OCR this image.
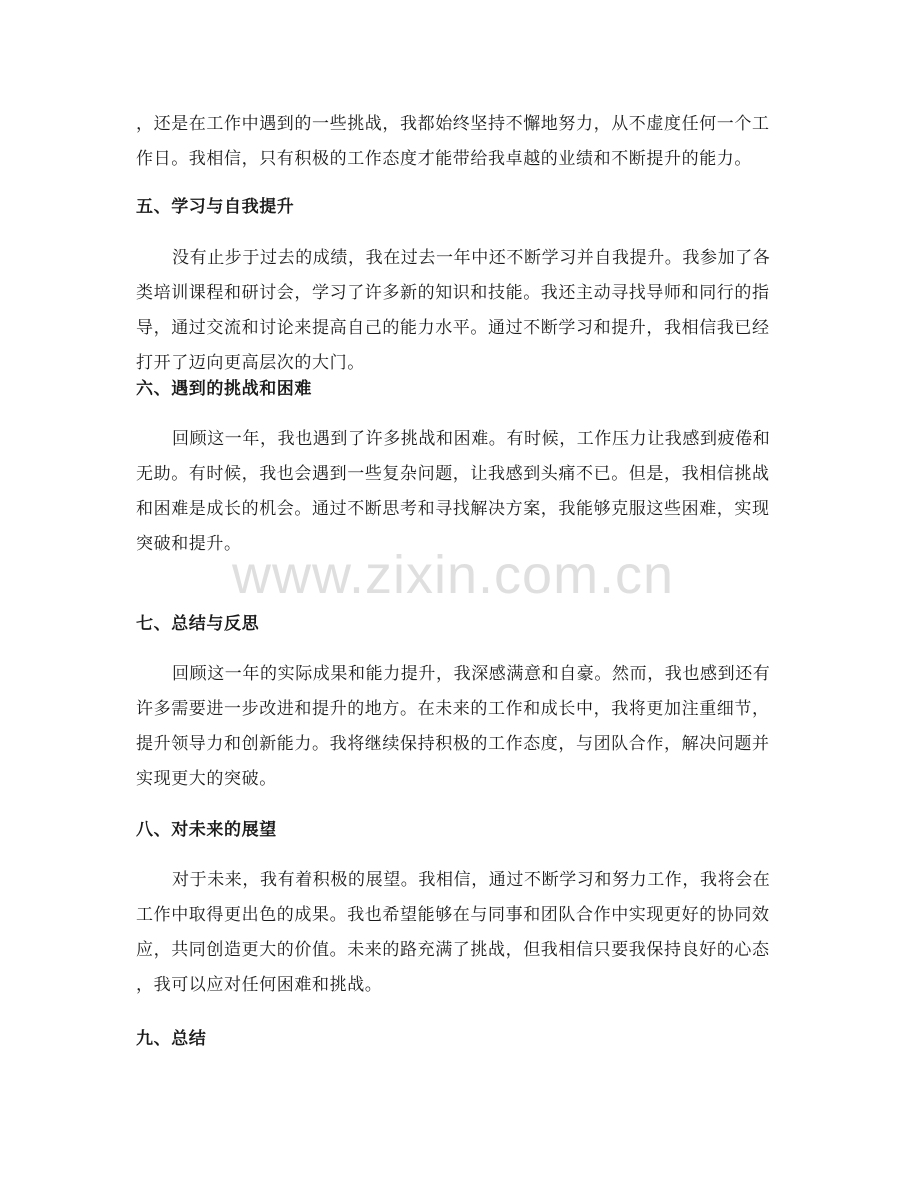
，还是在工作中遇到的一些挑战，我都始终坚持不懈地努力，从不虚度任何一个工
作日。我相信，只有积极的工作态度才能带给我卓越的业绩和不断提升的能力。
五、学习与自我提升
没有止步于过去的成绩，我在过去一年中还不断学习并自我提升。我参加了各
类培训课程和研讨会，学习了许多新的知识和技能。我还主动寻找导师和同行的指
导，通过交流和讨论来提高自己的能力水平。通过不断学习和提升，我相信我已经
打开了迈向更高层次的大门。
六、遇到的挑战和困难
回顾这一年，我也遇到了许多挑战和困难。有时候，工作压力让我感到疲倦和
无助。有时候，我也会遇到一些复杂问题，让我感到头痛不已。但是，我相信挑战
和困难是成长的机会。通过不断思考和寻找解决方案，我能够克服这些困难，实现
突破和提升。
七、总结与反思
回顾这一年的实际成果和能力提升，我深感满意和自豪。然而，我也感到还有
许多需要进一步改进和提升的地方。在未来的工作和成长中，我将更加注重细节，
提升领导力和创新能力。我将继续保持积极的工作态度，与团队合作，解决问题并
实现更大的突破。
八、对未来的展望
对于未来，我有着积极的展望。我相信，通过不断学习和努力工作，我将会在
工作中取得更出色的成果。我也希望能够在与同事和团队合作中实现更好的协同效
应，共同创造更大的价值。未来的路充满了挑战，但我相信只要我保持良好的心态
，我可以应对任何困难和挑战。
九、总结
www.zixin.com.cn
